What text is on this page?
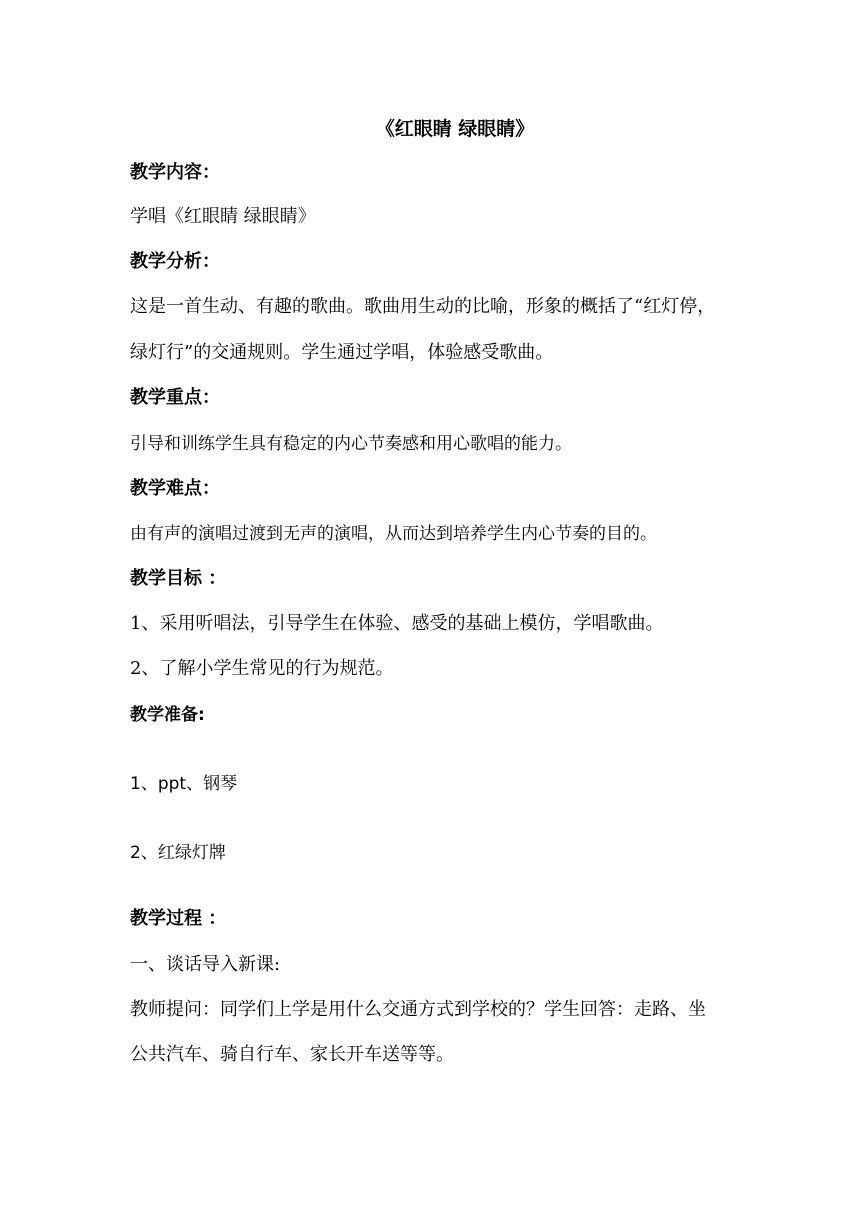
《红眼睛 绿眼睛》
教学内容：
学唱《红眼睛 绿眼睛》
教学分析：
这是一首生动、有趣的歌曲。歌曲用生动的比喻，形象的概括了“红灯停，
绿灯行”的交通规则。学生通过学唱，体验感受歌曲。
教学重点：
引导和训练学生具有稳定的内心节奏感和用心歌唱的能力。
教学难点：
由有声的演唱过渡到无声的演唱，从而达到培养学生内心节奏的目的。
教学目标 ：
1、采用听唱法，引导学生在体验、感受的基础上模仿，学唱歌曲。
2、了解小学生常见的行为规范。
教学准备:
1、ppt、钢琴
2、红绿灯牌
教学过程 ：
一、谈话导入新课:
教师提问：同学们上学是用什么交通方式到学校的？学生回答：走路、坐
公共汽车、骑自行车、家长开车送等等。
